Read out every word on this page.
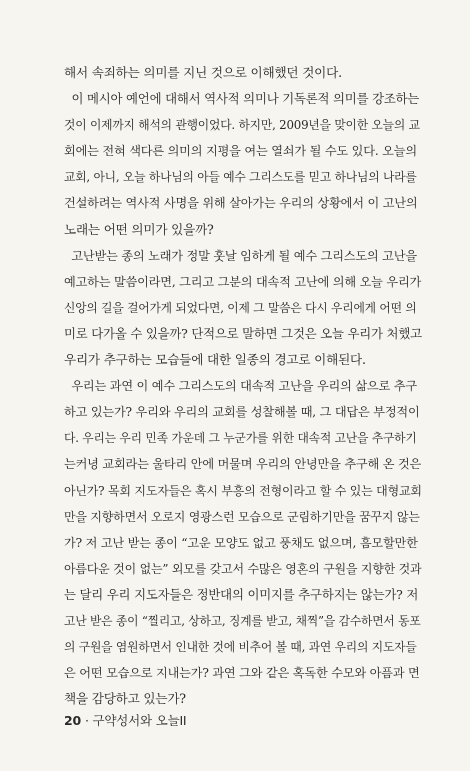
해서 속죄하는 의미를 지닌 것으로 이해했던 것이다.

이 메시아 예언에 대해서 역사적 의미나 기독론적 의미를 강조하는
것이 이제까지 해석의 관행이었다. 하지만, 2009년을 맞이한 오늘의 교
회에는 전혀 색다른 의미의 지평을 여는 열쇠가 될 수도 있다. 오늘의
교회, 아니, 오늘 하나님의 아들 예수 그리스도를 믿고 하나님의 나라를
건설하려는 역사적 사명을 위해 살아가는 우리의 상황에서 이 고난의
노래는 어떤 의미가 있을까?

고난받는 종의 노래가 정말 훗날 임하게 될 예수 그리스도의 고난을
예고하는 말씀이라면, 그리고 그분의 대속적 고난에 의해 오늘 우리가
신앙의 길을 걸어가게 되었다면, 이제 그 말씀은 다시 우리에게 어떤 의
미로 다가올 수 있을까? 단적으로 말하면 그것은 오늘 우리가 처했고
우리가 추구하는 모습들에 대한 일종의 경고로 이해된다.

우리는 과연 이 예수 그리스도의 대속적 고난을 우리의 삶으로 추구
하고 있는가? 우리와 우리의 교회를 성찰해볼 때, 그 대답은 부정적이
다. 우리는 우리 민족 가운데 그 누군가를 위한 대속적 고난을 추구하기
는커녕 교회라는 울타리 안에 머물며 우리의 안녕만을 추구해 온 것은
아닌가? 목회 지도자들은 혹시 부흥의 전형이라고 할 수 있는 대형교회
만을 지향하면서 오로지 영광스런 모습으로 군림하기만을 꿈꾸지 않는
가? 저 고난 받는 종이 “고운 모양도 없고 풍채도 없으며, 흠모할만한
아름다운 것이 없는” 외모를 갖고서 수많은 영혼의 구원을 지향한 것과
는 달리 우리 지도자들은 정반대의 이미지를 추구하지는 않는가? 저
고난 받은 종이 “찔리고, 상하고, 징계를 받고, 채찍”을 감수하면서 동포
의 구원을 염원하면서 인내한 것에 비추어 볼 때, 과연 우리의 지도자들
은 어떤 모습으로 지내는가? 과연 그와 같은 혹독한 수모와 아픔과 면
책을 감당하고 있는가?

20 · 구약성서와 오늘II
